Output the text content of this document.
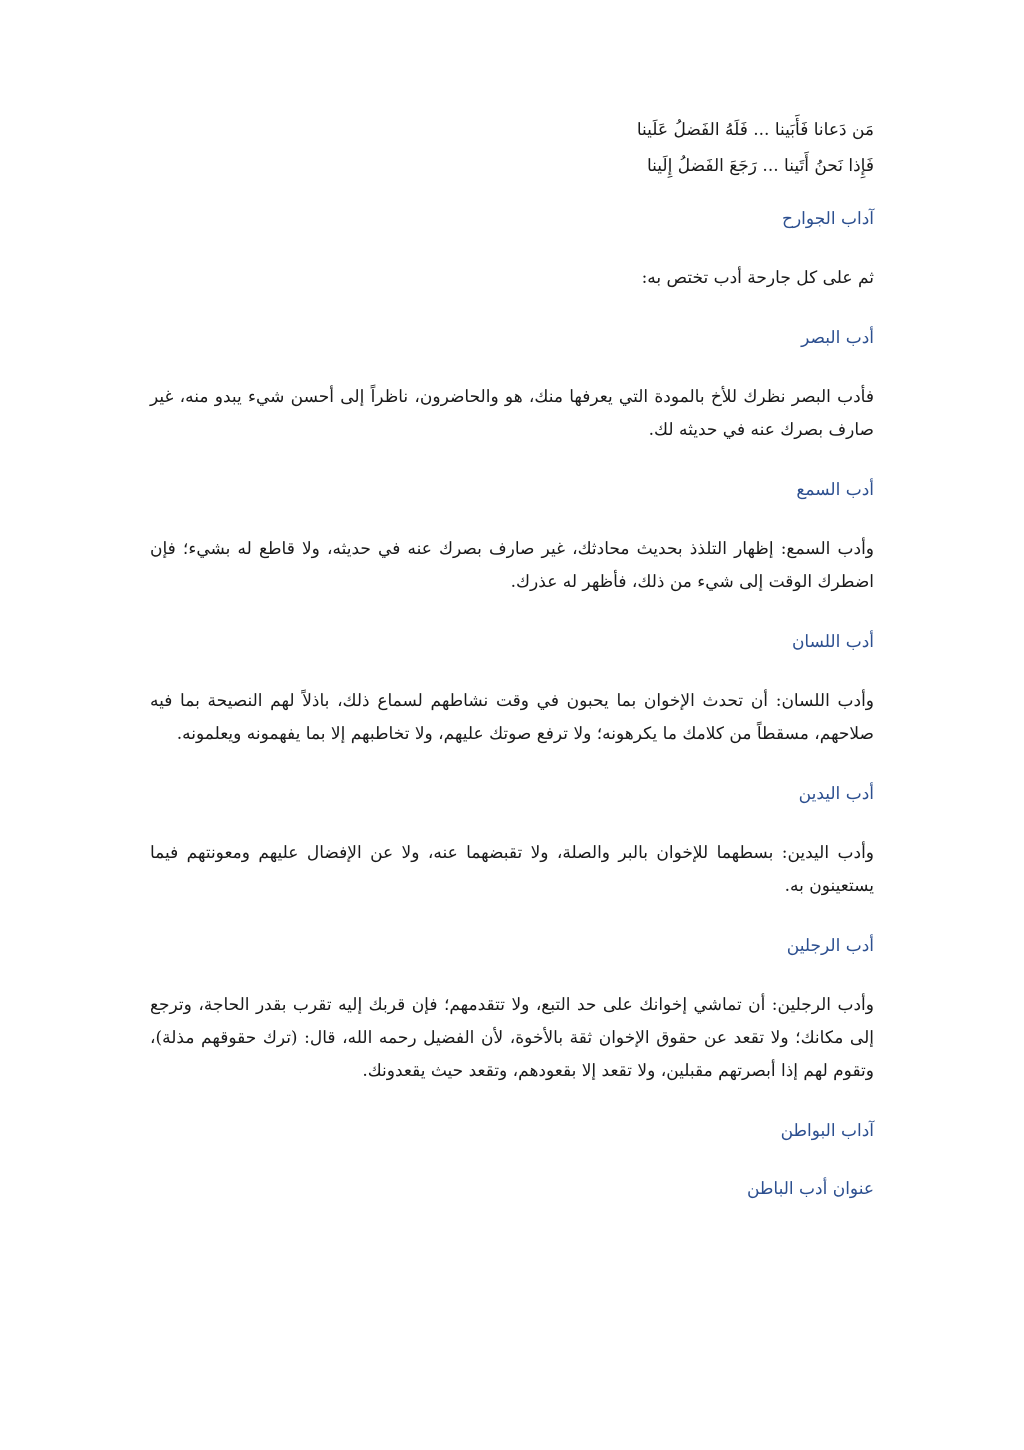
مَن دَعانا فَأَبَينا ... فَلَهُ الفَضلُ عَلَينا

فَإِذا نَحنُ أَتَينا ... رَجَعَ الفَضلُ إِلَينا

آداب الجوارح

ثم على كل جارحة أدب تختص به:

أدب البصر

فأدب البصر نظرك للأخ بالمودة التي يعرفها منك، هو والحاضرون، ناظراً إلى أحسن شيء يبدو منه، غير صارف بصرك عنه في حديثه لك.

أدب السمع

وأدب السمع: إظهار التلذذ بحديث محادثك، غير صارف بصرك عنه في حديثه، ولا قاطع له بشيء؛ فإن اضطرك الوقت إلى شيء من ذلك، فأظهر له عذرك.

أدب اللسان

وأدب اللسان: أن تحدث الإخوان بما يحبون في وقت نشاطهم لسماع ذلك، باذلاً لهم النصيحة بما فيه صلاحهم، مسقطاً من كلامك ما يكرهونه؛ ولا ترفع صوتك عليهم، ولا تخاطبهم إلا بما يفهمونه ويعلمونه.

أدب اليدين

وأدب اليدين: بسطهما للإخوان بالبر والصلة، ولا تقبضهما عنه، ولا عن الإفضال عليهم ومعونتهم فيما يستعينون به.

أدب الرجلين

وأدب الرجلين: أن تماشي إخوانك على حد التبع، ولا تتقدمهم؛ فإن قربك إليه تقرب بقدر الحاجة، وترجع إلى مكانك؛ ولا تقعد عن حقوق الإخوان ثقة بالأخوة، لأن الفضيل رحمه الله، قال: (ترك حقوقهم مذلة)، وتقوم لهم إذا أبصرتهم مقبلين، ولا تقعد إلا بقعودهم، وتقعد حيث يقعدونك.

آداب البواطن
عنوان أدب الباطن
